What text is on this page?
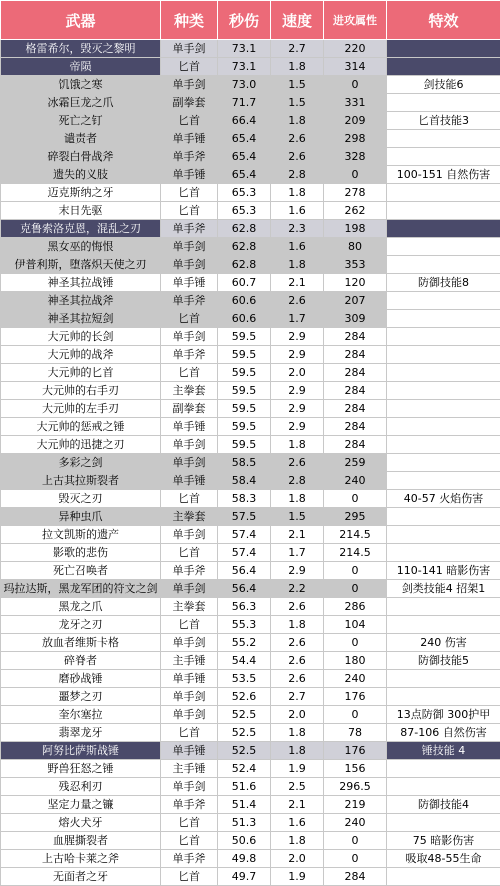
武器	种类	秒伤	速度	进攻属性	特效
格雷希尔，毁灭之黎明	单手剑	73.1	2.7	220	
帝陨	匕首	73.1	1.8	314	
饥饿之寒	单手剑	73.0	1.5	0	剑技能6
冰霜巨龙之爪	副拳套	71.7	1.5	331	
死亡之钉	匕首	66.4	1.8	209	匕首技能3
谴责者	单手锤	65.4	2.6	298	
碎裂白骨战斧	单手斧	65.4	2.6	328	
遗失的义肢	单手锤	65.4	2.8	0	100-151 自然伤害
迈克斯纳之牙	匕首	65.3	1.8	278	
末日先驱	匕首	65.3	1.6	262	
克鲁索洛克恩，混乱之刃	单手斧	62.8	2.3	198	
黑女巫的悔恨	单手剑	62.8	1.6	80	
伊普利斯，堕落炽天使之刃	单手剑	62.8	1.8	353	
神圣其拉战锤	单手锤	60.7	2.1	120	防御技能8
神圣其拉战斧	单手斧	60.6	2.6	207	
神圣其拉短剑	匕首	60.6	1.7	309	
大元帅的长剑	单手剑	59.5	2.9	284	
大元帅的战斧	单手斧	59.5	2.9	284	
大元帅的匕首	匕首	59.5	2.0	284	
大元帅的右手刃	主拳套	59.5	2.9	284	
大元帅的左手刃	副拳套	59.5	2.9	284	
大元帅的惩戒之锤	单手锤	59.5	2.9	284	
大元帅的迅捷之刃	单手剑	59.5	1.8	284	
多彩之剑	单手剑	58.5	2.6	259	
上古其拉斯裂者	单手锤	58.4	2.8	240	
毁灭之刃	匕首	58.3	1.8	0	40-57 火焰伤害
异种虫爪	主拳套	57.5	1.5	295	
拉文凯斯的遗产	单手剑	57.4	2.1	214.5	
影歌的悲伤	匕首	57.4	1.7	214.5	
死亡召唤者	单手斧	56.4	2.9	0	110-141 暗影伤害
玛拉达斯，黑龙军团的符文之剑	单手剑	56.4	2.2	0	剑类技能4 招架1
黑龙之爪	主拳套	56.3	2.6	286	
龙牙之刃	匕首	55.3	1.8	104	
放血者维斯卡格	单手剑	55.2	2.6	0	240 伤害
碎脊者	主手锤	54.4	2.6	180	防御技能5
磨砂战锤	单手锤	53.5	2.6	240	
噩梦之刃	单手剑	52.6	2.7	176	
奎尔塞拉	单手剑	52.5	2.0	0	13点防御 300护甲
翡翠龙牙	匕首	52.5	1.8	78	87-106 自然伤害
阿努比萨斯战锤	单手锤	52.5	1.8	176	锤技能 4
野兽狂怒之锤	主手锤	52.4	1.9	156	
残忍利刃	单手剑	51.6	2.5	296.5	
坚定力量之镰	单手斧	51.4	2.1	219	防御技能4
熔火犬牙	匕首	51.3	1.6	240	
血腥撕裂者	匕首	50.6	1.8	0	75 暗影伤害
上古哈卡莱之斧	单手斧	49.8	2.0	0	吸取48-55生命
无面者之牙	匕首	49.7	1.9	284	
